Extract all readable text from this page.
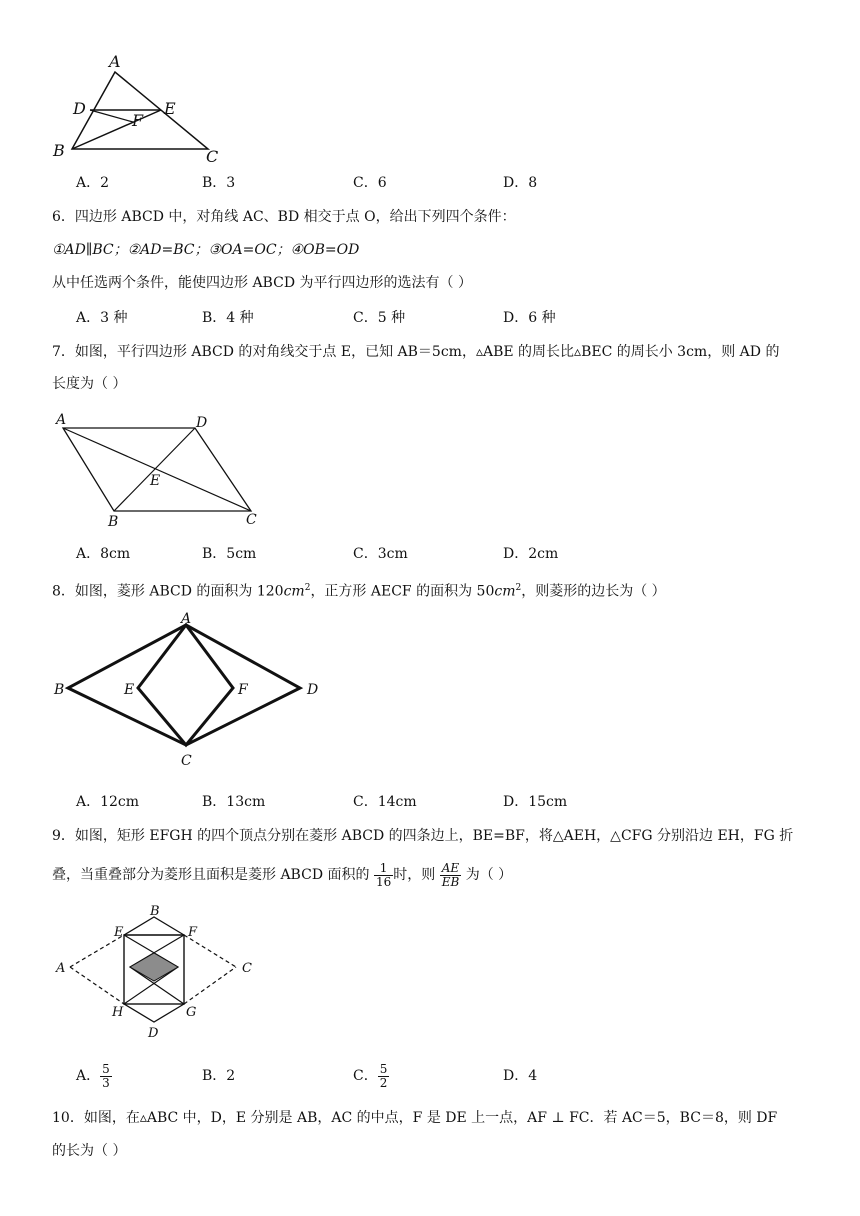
A
D	E
F
B	C
A．2	B．3	C．6	D．8
6．四边形 ABCD 中，对角线 AC、BD 相交于点 O，给出下列四个条件：
①AD∥BC；②AD=BC；③OA=OC；④OB=OD
从中任选两个条件，能使四边形 ABCD 为平行四边形的选法有（ ）
A．3 种	B．4 种	C．5 种	D．6 种
7．如图，平行四边形 ABCD 的对角线交于点 E，已知 AB＝5cm，▵ABE 的周长比▵BEC 的周长小 3cm，则 AD 的
长度为（ ）
A	D
E
B	C
A．8cm	B．5cm	C．3cm	D．2cm
8．如图，菱形 ABCD 的面积为 $120cm^2$，正方形 AECF 的面积为 $50cm^2$，则菱形的边长为（ ）
A
B	E	F	D
C
A．12cm	B．13cm	C．14cm	D．15cm
9．如图，矩形 EFGH 的四个顶点分别在菱形 ABCD 的四条边上，BE=BF，将△AEH，△CFG 分别沿边 EH，FG 折
叠，当重叠部分为菱形且面积是菱形 ABCD 面积的 $\frac{1}{16}$ 时，则 $\frac{AE}{EB}$ 为（ ）
A
B
C
D
E	F
G
H
A． $\frac{5}{3}$	B．2	C． $\frac{5}{2}$	D．4
10．如图，在▵ABC 中，D，E 分别是 AB，AC 的中点，F 是 DE 上一点，AF ⊥ FC．若 AC＝5，BC＝8，则 DF
的长为（ ）
